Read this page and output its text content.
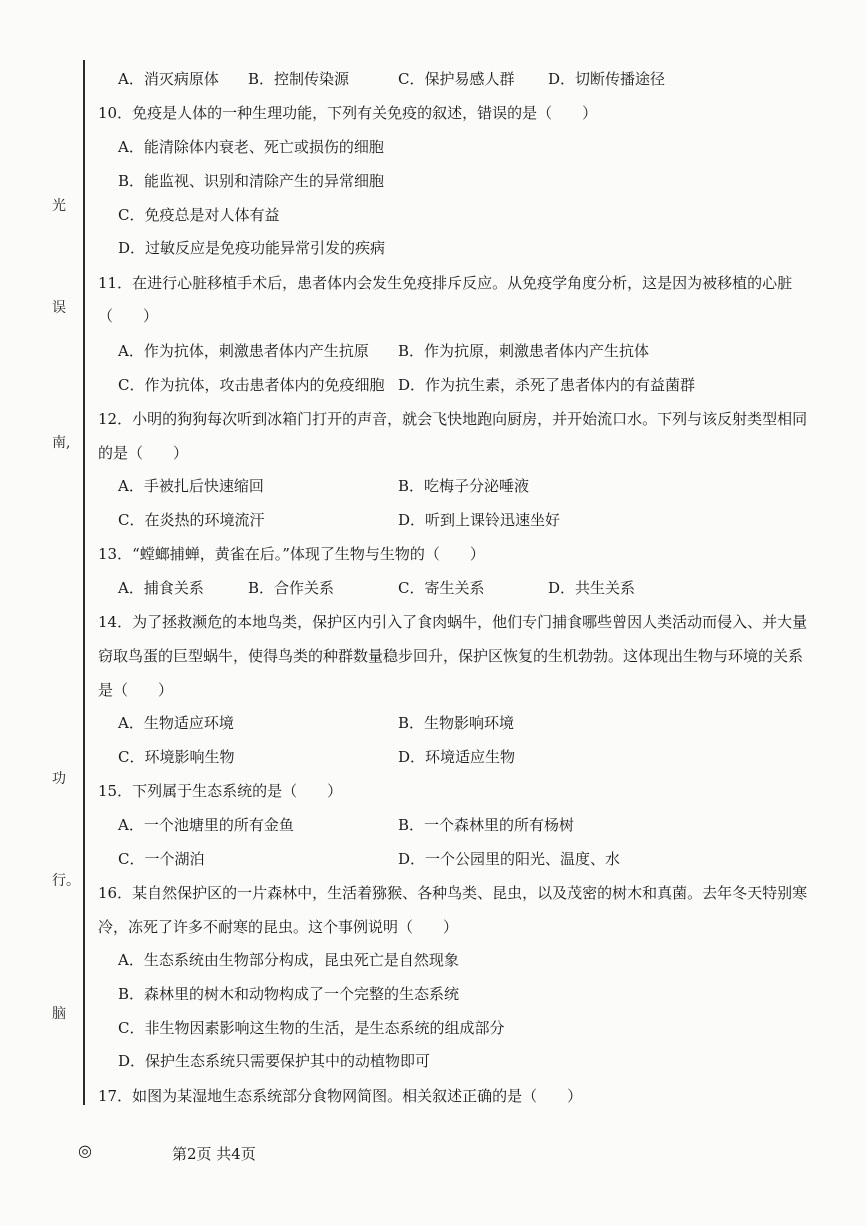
光
误
南,
功
行。
脑
A．消灭病原体 B．控制传染源	C．保护易感人群 D．切断传播途径
10．免疫是人体的一种生理功能，下列有关免疫的叙述，错误的是（　　）
A．能清除体内衰老、死亡或损伤的细胞
B．能监视、识别和清除产生的异常细胞
C．免疫总是对人体有益
D．过敏反应是免疫功能异常引发的疾病
11．在进行心脏移植手术后，患者体内会发生免疫排斥反应。从免疫学角度分析，这是因为被移植的心脏
（　　）
A．作为抗体，刺激患者体内产生抗原 B．作为抗原，刺激患者体内产生抗体
C．作为抗体，攻击患者体内的免疫细胞 D．作为抗生素，杀死了患者体内的有益菌群
12．小明的狗狗每次听到冰箱门打开的声音，就会飞快地跑向厨房，并开始流口水。下列与该反射类型相同
的是（　　）
A．手被扎后快速缩回	B．吃梅子分泌唾液
C．在炎热的环境流汗	D．听到上课铃迅速坐好
13．“螳螂捕蝉，黄雀在后。”体现了生物与生物的（　　）
A．捕食关系	B．合作关系	C．寄生关系	D．共生关系
14．为了拯救濒危的本地鸟类，保护区内引入了食肉蜗牛，他们专门捕食哪些曾因人类活动而侵入、并大量
窃取鸟蛋的巨型蜗牛，使得鸟类的种群数量稳步回升，保护区恢复的生机勃勃。这体现出生物与环境的关系
是（　　）
A．生物适应环境	B．生物影响环境
C．环境影响生物	D．环境适应生物
15．下列属于生态系统的是（　　）
A．一个池塘里的所有金鱼	B．一个森林里的所有杨树
C．一个湖泊	D．一个公园里的阳光、温度、水
16．某自然保护区的一片森林中，生活着猕猴、各种鸟类、昆虫，以及茂密的树木和真菌。去年冬天特别寒
冷，冻死了许多不耐寒的昆虫。这个事例说明（　　）
A．生态系统由生物部分构成，昆虫死亡是自然现象
B．森林里的树木和动物构成了一个完整的生态系统
C．非生物因素影响这生物的生活，是生态系统的组成部分
D．保护生态系统只需要保护其中的动植物即可
17．如图为某湿地生态系统部分食物网简图。相关叙述正确的是（　　）
◎	第2页 共4页
